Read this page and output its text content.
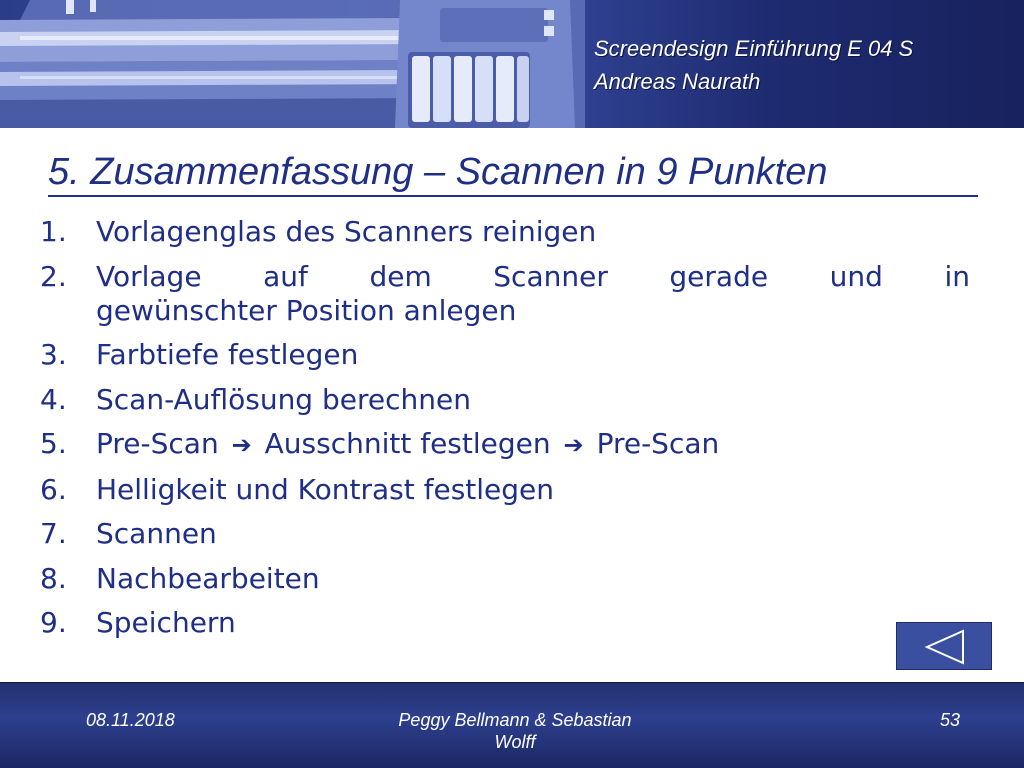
Screendesign Einführung E 04 S
Andreas Naurath
5. Zusammenfassung – Scannen in 9 Punkten
1. Vorlagenglas des Scanners reinigen
2. Vorlage auf dem Scanner gerade und in
gewünschter Position anlegen
3. Farbtiefe festlegen
4. Scan-Auflösung berechnen
5. Pre-Scan ➔ Ausschnitt festlegen ➔ Pre-Scan
6. Helligkeit und Kontrast festlegen
7. Scannen
8. Nachbearbeiten
9. Speichern
08.11.2018	Peggy Bellmann & Sebastian
Wolff
53
